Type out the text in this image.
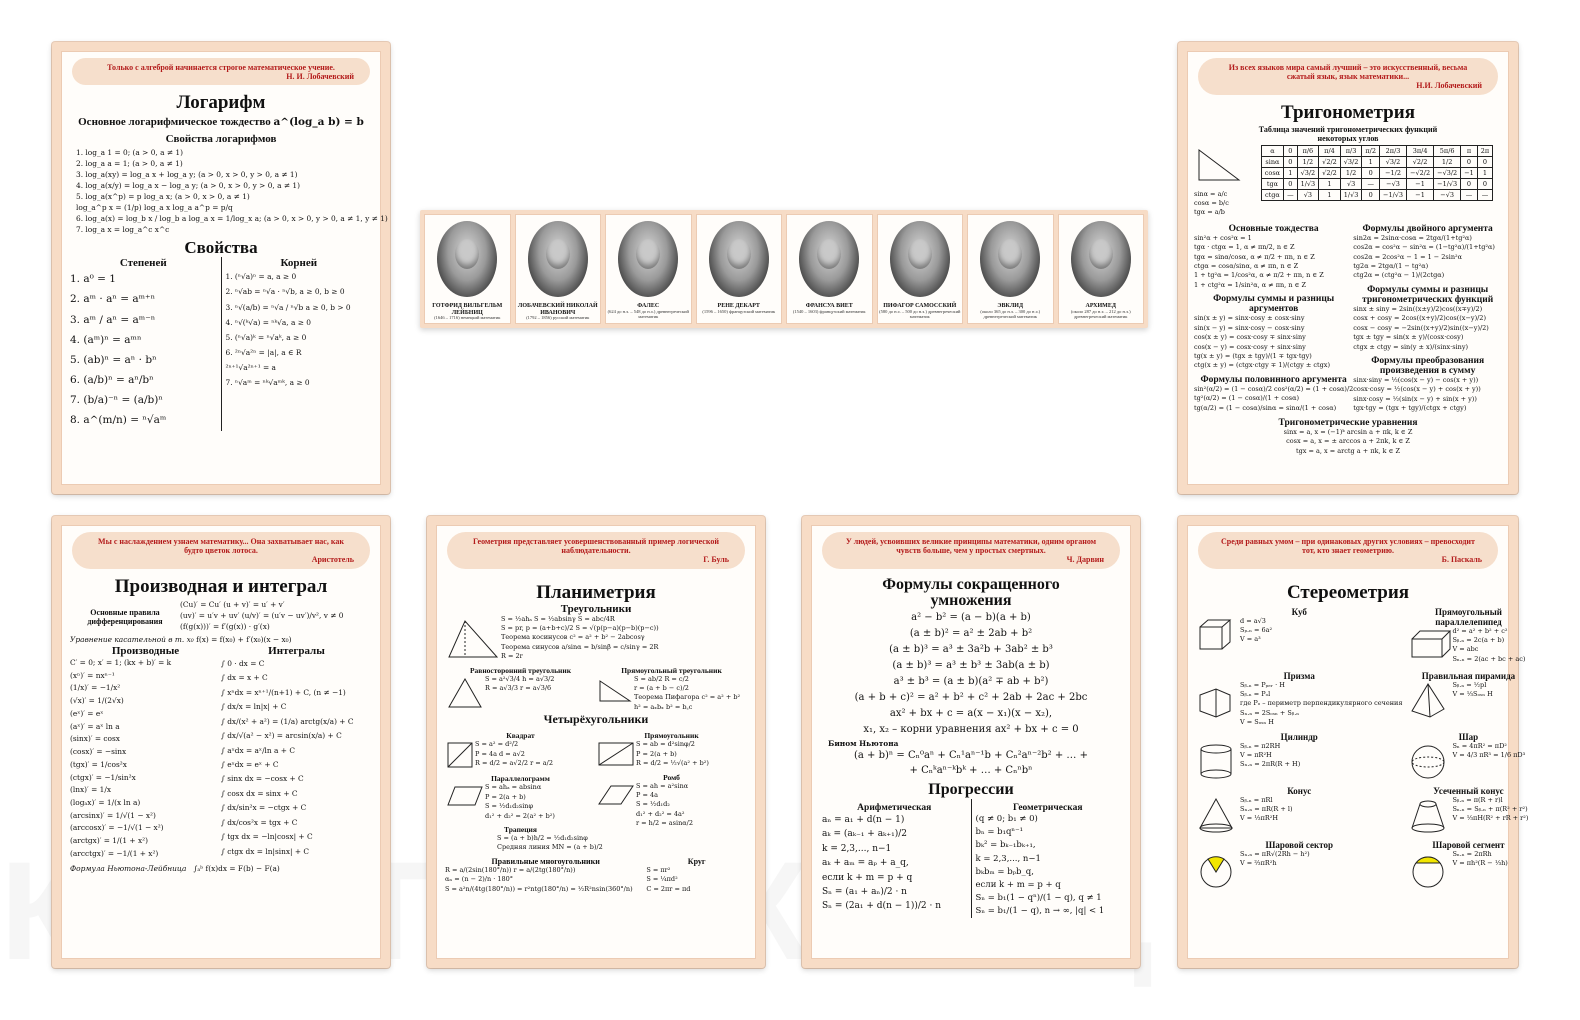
Только с алгеброй начинается строгое математическое учение.
Н. И. Лобачевский
Логарифм
Основное логарифмическое тождество a^(log_a b) = b
Свойства логарифмов
1. log_a 1 = 0; (a > 0, a ≠ 1)
2. log_a a = 1; (a > 0, a ≠ 1)
3. log_a(xy) = log_a x + log_a y; (a > 0, x > 0, y > 0, a ≠ 1)
4. log_a(x/y) = log_a x − log_a y; (a > 0, x > 0, y > 0, a ≠ 1)
5. log_a(x^p) = p log_a x; (a > 0, x > 0, a ≠ 1)
log_a^p x = (1/p) log_a x log_a a^p = p/q
6. log_a(x) = log_b x / log_b a log_a x = 1/log_x a; (a > 0, x > 0, y > 0, a ≠ 1, y ≠ 1)
7. log_a x = log_a^c x^c
Свойства
Степеней
1. a⁰ = 1
2. aᵐ · aⁿ = aᵐ⁺ⁿ
3. aᵐ / aⁿ = aᵐ⁻ⁿ
4. (aᵐ)ⁿ = aᵐⁿ
5. (ab)ⁿ = aⁿ · bⁿ
6. (a/b)ⁿ = aⁿ/bⁿ
7. (b/a)⁻ⁿ = (a/b)ⁿ
8. a^(m/n) = ⁿ√aᵐ
Корней
1. (ⁿ√a)ⁿ = a, a ≥ 0
2. ⁿ√ab = ⁿ√a · ⁿ√b, a ≥ 0, b ≥ 0
3. ⁿ√(a/b) = ⁿ√a / ⁿ√b a ≥ 0, b > 0
4. ⁿ√(ᵏ√a) = ⁿᵏ√a, a ≥ 0
5. (ⁿ√a)ᵏ = ⁿ√aᵏ, a ≥ 0
6. ²ⁿ√a²ⁿ = |a|, a ∈ R
²ⁿ⁺¹√a²ⁿ⁺¹ = a
7. ⁿ√aᵐ = ⁿᵏ√aᵐᵏ, a ≥ 0
ГОТФРИД ВИЛЬГЕЛЬМ ЛЕЙБНИЦ
(1646 – 1716) немецкий математик
ЛОБАЧЕВСКИЙ НИКОЛАЙ ИВАНОВИЧ
(1792 – 1856) русский математик
ФАЛЕС
(624 до н.э. – 548 до н.э.) древнегреческий математик
РЕНЕ ДЕКАРТ
(1596 – 1650) французский математик
ФРАНСУА ВИЕТ
(1540 – 1603) французский математик
ПИФАГОР САМОССКИЙ
(580 до н.э. – 500 до н.э.) древнегреческий математик
ЭВКЛИД
(около 365 до н.э. – 300 до н.э.) древнегреческий математик
АРХИМЕД
(около 287 до н.э. – 212 до н.э.) древнегреческий математик
Из всех языков мира самый лучший – это искусственный, весьма сжатый язык, язык математики...
Н.И. Лобачевский
Тригонометрия
Таблица значений тригонометрических функций некоторых углов
sinα = a/c
cosα = b/c
tgα = a/b
α	0	π/6	π/4	π/3	π/2	2π/3	3π/4	5π/6	π	2π
sinα	0	1/2	√2/2	√3/2	1	√3/2	√2/2	1/2	0	0
cosα	1	√3/2	√2/2	1/2	0	−1/2	−√2/2	−√3/2	−1	1
tgα	0	1/√3	1	√3	—	−√3	−1	−1/√3	0	0
ctgα	—	√3	1	1/√3	0	−1/√3	−1	−√3	—	—
Основные тождества
sin²α + cos²α = 1
tgα · ctgα = 1, α ≠ πn/2, n ∈ Z
tgα = sinα/cosα, α ≠ π/2 + πn, n ∈ Z
ctgα = cosα/sinα, α ≠ πn, n ∈ Z
1 + tg²α = 1/cos²α, α ≠ π/2 + πn, n ∈ Z
1 + ctg²α = 1/sin²α, α ≠ πn, n ∈ Z
Формулы суммы и разницы аргументов
sin(x ± y) = sinx·cosy ± cosx·siny
sin(x − y) = sinx·cosy − cosx·siny
cos(x ± y) = cosx·cosy ∓ sinx·siny
cos(x − y) = cosx·cosy + sinx·siny
tg(x ± y) = (tgx ± tgy)/(1 ∓ tgx·tgy)
ctg(x ± y) = (ctgx·ctgy ∓ 1)/(ctgy ± ctgx)
Формулы половинного аргумента
sin²(α/2) = (1 − cosα)/2 cos²(α/2) = (1 + cosα)/2
tg²(α/2) = (1 − cosα)/(1 + cosα)
tg(α/2) = (1 − cosα)/sinα = sinα/(1 + cosα)
Формулы двойного аргумента
sin2α = 2sinα·cosα = 2tgα/(1+tg²α)
cos2α = cos²α − sin²α = (1−tg²α)/(1+tg²α)
cos2α = 2cos²α − 1 = 1 − 2sin²α
tg2α = 2tgα/(1 − tg²α)
ctg2α = (ctg²α − 1)/(2ctgα)
Формулы суммы и разницы тригонометрических функций
sinx ± siny = 2sin((x±y)/2)cos((x∓y)/2)
cosx + cosy = 2cos((x+y)/2)cos((x−y)/2)
cosx − cosy = −2sin((x+y)/2)sin((x−y)/2)
tgx ± tgy = sin(x ± y)/(cosx·cosy)
ctgx ± ctgy = sin(y ± x)/(sinx·siny)
Формулы преобразования произведения в сумму
sinx·siny = ½(cos(x − y) − cos(x + y))
cosx·cosy = ½(cos(x − y) + cos(x + y))
sinx·cosy = ½(sin(x − y) + sin(x + y))
tgx·tgy = (tgx + tgy)/(ctgx + ctgy)
Тригонометрические уравнения
sinx = a, x = (−1)ᵏ arcsin a + πk, k ∈ Z
cosx = a, x = ± arccos a + 2πk, k ∈ Z
tgx = a, x = arctg a + πk, k ∈ Z
Мы с наслаждением узнаем математику... Она захватывает нас, как будто цветок лотоса.
Аристотель
Производная и интеграл
Основные правила дифференцирования
(Cu)′ = Cu′ (u + v)′ = u′ + v′
(uv)′ = u′v + uv′ (u/v)′ = (u′v − uv′)/v², v ≠ 0
(f(g(x)))′ = f′(g(x)) · g′(x)
Уравнение касательной в т. x₀ f(x) = f(x₀) + f′(x₀)(x − x₀)
Производные
C′ = 0; x′ = 1; (kx + b)′ = k
(xⁿ)′ = nxⁿ⁻¹
(1/x)′ = −1/x²
(√x)′ = 1/(2√x)
(eˣ)′ = eˣ
(aˣ)′ = aˣ ln a
(sinx)′ = cosx
(cosx)′ = −sinx
(tgx)′ = 1/cos²x
(ctgx)′ = −1/sin²x
(lnx)′ = 1/x
(logₐx)′ = 1/(x ln a)
(arcsinx)′ = 1/√(1 − x²)
(arccosx)′ = −1/√(1 − x²)
(arctgx)′ = 1/(1 + x²)
(arcctgx)′ = −1/(1 + x²)
Интегралы
∫ 0 · dx = C
∫ dx = x + C
∫ xⁿdx = xⁿ⁺¹/(n+1) + C, (n ≠ −1)
∫ dx/x = ln|x| + C
∫ dx/(x² + a²) = (1/a) arctg(x/a) + C
∫ dx/√(a² − x²) = arcsin(x/a) + C
∫ aˣdx = aˣ/ln a + C
∫ eˣdx = eˣ + C
∫ sinx dx = −cosx + C
∫ cosx dx = sinx + C
∫ dx/sin²x = −ctgx + C
∫ dx/cos²x = tgx + C
∫ tgx dx = −ln|cosx| + C
∫ ctgx dx = ln|sinx| + C
Формула Ньютона-Лейбница ∫ₐᵇ f(x)dx = F(b) − F(a)
Геометрия представляет усовершенствованный пример логической наблюдательности.
Г. Буль
Планиметрия
Треугольники
S = ½ahₐ S = ½absinγ S = abc/4R
S = pr, p = (a+b+c)/2 S = √(p(p−a)(p−b)(p−c))
Теорема косинусов c² = a² + b² − 2abcosγ
Теорема синусов a/sinα = b/sinβ = c/sinγ = 2R
R = 2r
Равносторонний треугольник
S = a²√3/4 h = a√3/2
R = a√3/3 r = a√3/6
Прямоугольный треугольник
S = ab/2 R = c/2
r = (a + b − c)/2
Теорема Пифагора c² = a² + b²
h² = aₓbₓ b² = b꜀c
Четырёхугольники
Квадрат
S = a² = d²/2
P = 4a d = a√2
R = d/2 = a√2/2 r = a/2
Параллелограмм
S = ahₐ = absinα
P = 2(a + b)
S = ½d₁d₂sinφ
d₁² + d₂² = 2(a² + b²)
Трапеция
Прямоугольник
S = ab = d²sinφ/2
P = 2(a + b)
R = d/2 = ½√(a² + b²)
Ромб
S = ah = a²sinα
P = 4a
S = ½d₁d₂
d₁² + d₂² = 4a²
r = h/2 = asinα/2
S = (a + b)h/2 = ½d₁d₂sinφ
Средняя линия MN = (a + b)/2
Правильные многоугольники
R = a/(2sin(180°/n)) r = a/(2tg(180°/n))
αₙ = (n − 2)/n · 180°
S = a²n/(4tg(180°/n)) = r²ntg(180°/n) = ½R²nsin(360°/n)
Круг
S = πr²
S = ¼πd²
C = 2πr = πd
У людей, усвоивших великие принципы математики, одним органом чувств больше, чем у простых смертных.
Ч. Дарвин
Формулы сокращенного умножения
a² − b² = (a − b)(a + b)
(a ± b)² = a² ± 2ab + b²
(a ± b)³ = a³ ± 3a²b + 3ab² ± b³
(a ± b)³ = a³ ± b³ ± 3ab(a ± b)
a³ ± b³ = (a ± b)(a² ∓ ab + b²)
(a + b + c)² = a² + b² + c² + 2ab + 2ac + 2bc
ax² + bx + c = a(x − x₁)(x − x₂),
x₁, x₂ – корни уравнения ax² + bx + c = 0
Бином Ньютона
(a + b)ⁿ = Cₙ⁰aⁿ + Cₙ¹aⁿ⁻¹b + Cₙ²aⁿ⁻²b² + … +
+ Cₙᵏaⁿ⁻ᵏbᵏ + … + Cₙⁿbⁿ
Прогрессии
Арифметическая
aₙ = a₁ + d(n − 1)
aₖ = (aₖ₋₁ + aₖ₊₁)/2
k = 2,3,..., n−1
aₖ + aₘ = aₚ + a_q,
если k + m = p + q
Sₙ = (a₁ + aₙ)/2 · n
Sₙ = (2a₁ + d(n − 1))/2 · n
Геометрическая
(q ≠ 0; b₁ ≠ 0)
bₙ = b₁qⁿ⁻¹
bₖ² = bₖ₋₁bₖ₊₁,
k = 2,3,..., n−1
bₖbₘ = bₚb_q,
если k + m = p + q
Sₙ = b₁(1 − qⁿ)/(1 − q), q ≠ 1
Sₙ = b₁/(1 − q), n → ∞, |q| < 1
Среди равных умом – при одинаковых других условиях – превосходит тот, кто знает геометрию.
Б. Паскаль
Стереометрия
Куб
d = a√3
Sₚ.ₙ = 6a²
V = a³
Прямоугольный параллелепипед
d² = a² + b² + c²
Sᵦ.ₙ = 2c(a + b)
V = abc
Sₙ.ₙ = 2(ac + bc + ac)
Призма
Sᵦ.ₙ = Pₚₑᵣ · H
Sᵦ.ₙ = Pₒl
где Pₒ – периметр перпендикулярного сечения
Sₙ.ₙ = 2Sₒₛₙ + Sᵦ.ₙ
V = Sₒₛₙ H
Правильная пирамида
Sᵦ.ₙ = ½pl
V = ⅓Sₒₛₙ H
Цилиндр
Sᵦ.ₙ = π2RH
V = πR²H
Sₙ.ₙ = 2πR(R + H)
Шар
Sₙ = 4πR² = πD²
V = 4/3 πR³ = 1/6 πD³
Конус
Sᵦ.ₙ = πRl
Sₙ.ₙ = πR(R + l)
V = ⅓πR²H
Усеченный конус
Sᵦ.ₙ = π(R + r)l
Sₙ.ₙ = Sᵦ.ₙ + π(R² + r²)
V = ⅓πH(R² + rR + r²)
Шаровой сектор
Sₙ.ₙ = πR√(2Rh − h²)
V = ⅔πR²h
Шаровой сегмент
Sₙ.ₙ = 2πRh
V = πh²(R − ⅓h)
